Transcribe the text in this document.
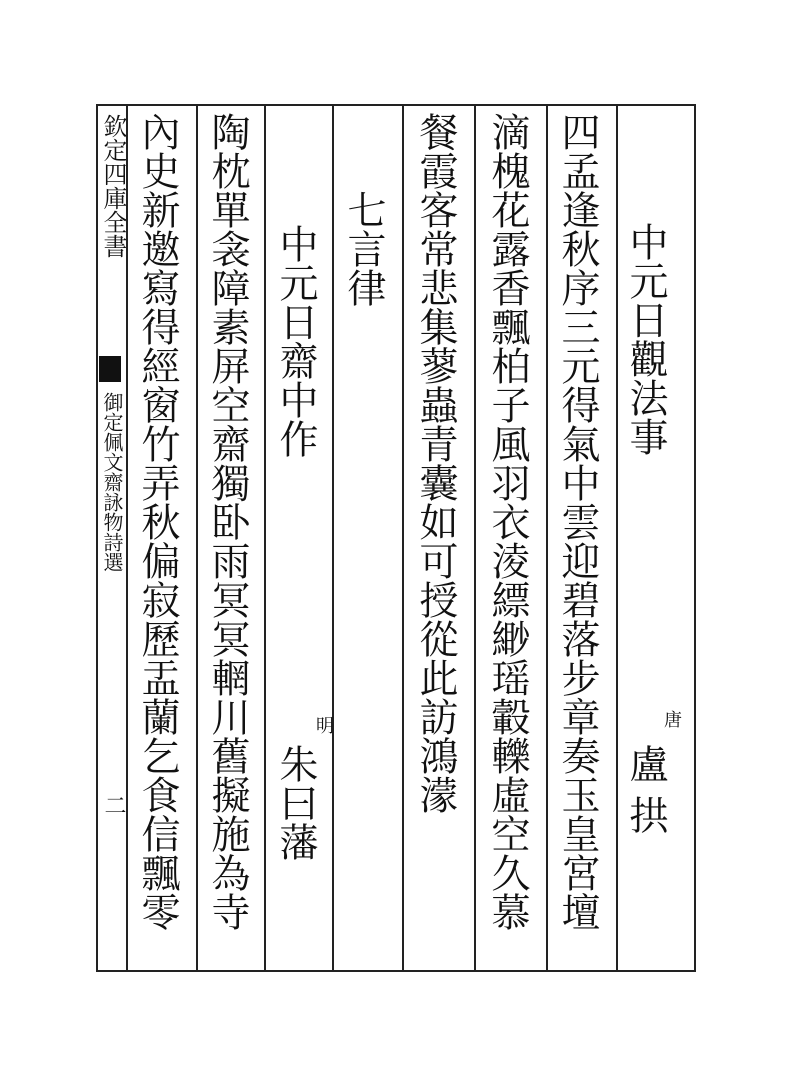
欽定四庫全書
御定佩文齋詠物詩選
二 內史新邀寫得經窗竹弄秋偏寂歷盂蘭乞食信飄零 陶枕單衾障素屏空齋獨卧雨冥冥輞川舊擬施為寺 中元日齋中作
明
朱曰藩
七言律 餐霞客常悲集蓼蟲青囊如可授從此訪鴻濛 滴槐花露香飄柏子風羽衣淩縹緲瑶轂轢虛空久慕 四孟逢秋序三元得氣中雲迎碧落步章奏玉皇宮壇	唐
盧 拱
中元日觀法事
